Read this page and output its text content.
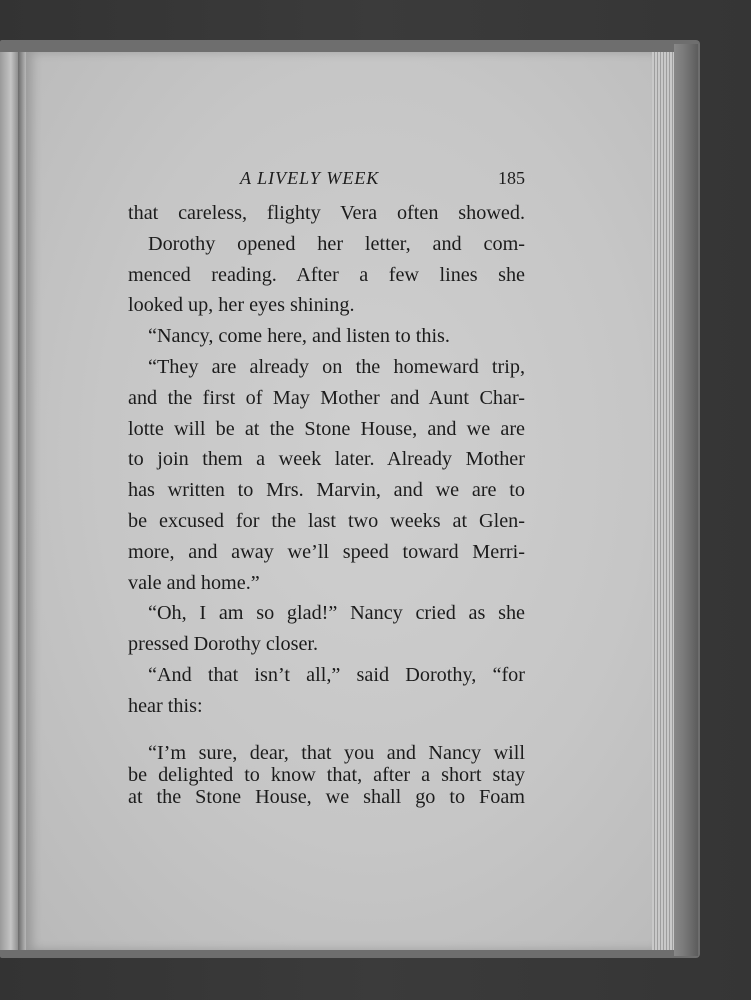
A LIVELY WEEK	185

that careless, flighty Vera often showed.

Dorothy opened her letter, and com-

menced reading. After a few lines she

looked up, her eyes shining.

“Nancy, come here, and listen to this.

“They are already on the homeward trip,

and the first of May Mother and Aunt Char-

lotte will be at the Stone House, and we are

to join them a week later. Already Mother

has written to Mrs. Marvin, and we are to

be excused for the last two weeks at Glen-

more, and away we’ll speed toward Merri-

vale and home.”

“Oh, I am so glad!” Nancy cried as she

pressed Dorothy closer.

“And that isn’t all,” said Dorothy, “for

hear this:

“I’m sure, dear, that you and Nancy will

be delighted to know that, after a short stay

at the Stone House, we shall go to Foam
